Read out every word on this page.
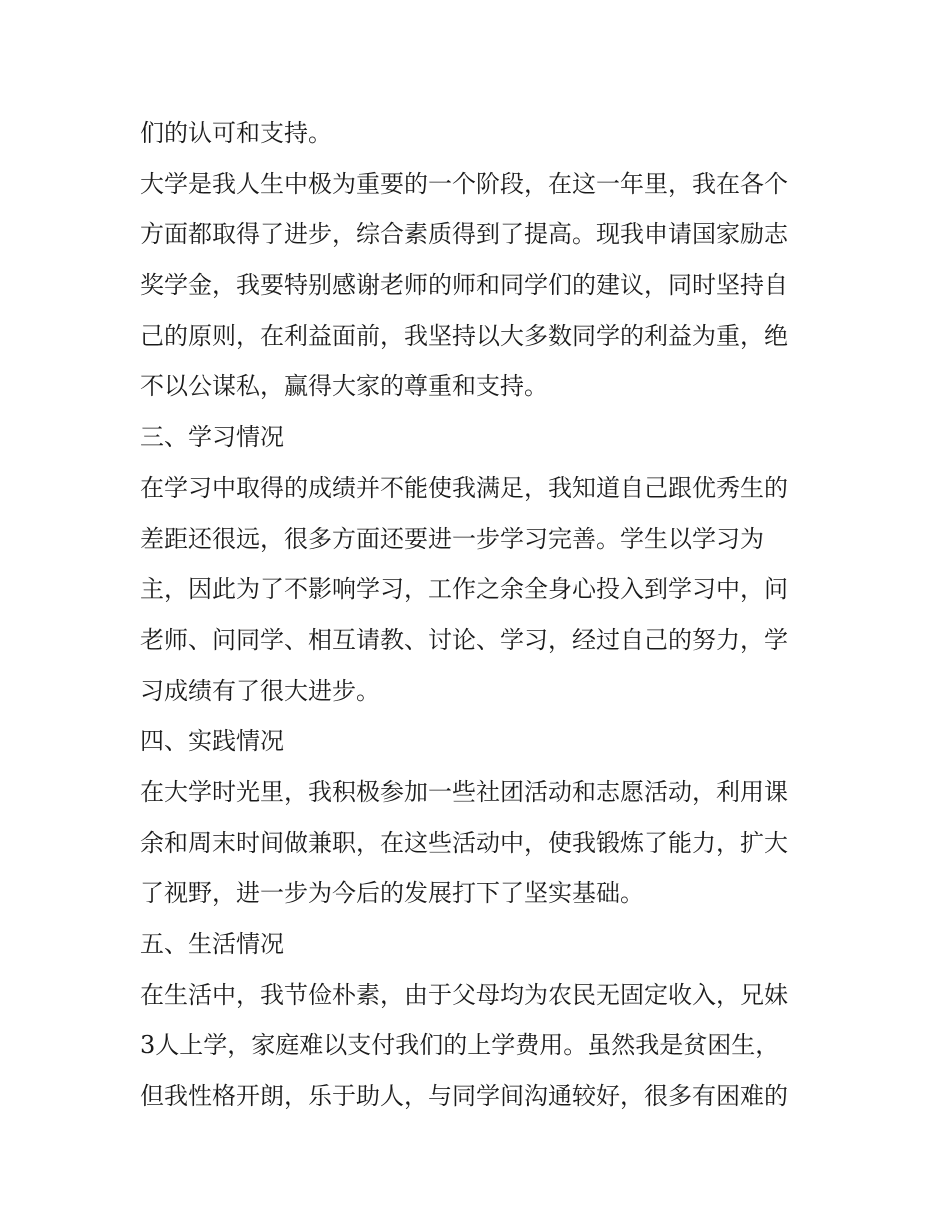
们的认可和支持。
大学是我人生中极为重要的一个阶段，在这一年里，我在各个
方面都取得了进步，综合素质得到了提高。现我申请国家励志
奖学金，我要特别感谢老师的师和同学们的建议，同时坚持自
己的原则，在利益面前，我坚持以大多数同学的利益为重，绝
不以公谋私，赢得大家的尊重和支持。
三、学习情况
在学习中取得的成绩并不能使我满足，我知道自己跟优秀生的
差距还很远，很多方面还要进一步学习完善。学生以学习为
主，因此为了不影响学习，工作之余全身心投入到学习中，问
老师、问同学、相互请教、讨论、学习，经过自己的努力，学
习成绩有了很大进步。
四、实践情况
在大学时光里，我积极参加一些社团活动和志愿活动，利用课
余和周末时间做兼职，在这些活动中，使我锻炼了能力，扩大
了视野，进一步为今后的发展打下了坚实基础。
五、生活情况
在生活中，我节俭朴素，由于父母均为农民无固定收入，兄妹
3人上学，家庭难以支付我们的上学费用。虽然我是贫困生，
但我性格开朗，乐于助人，与同学间沟通较好，很多有困难的
